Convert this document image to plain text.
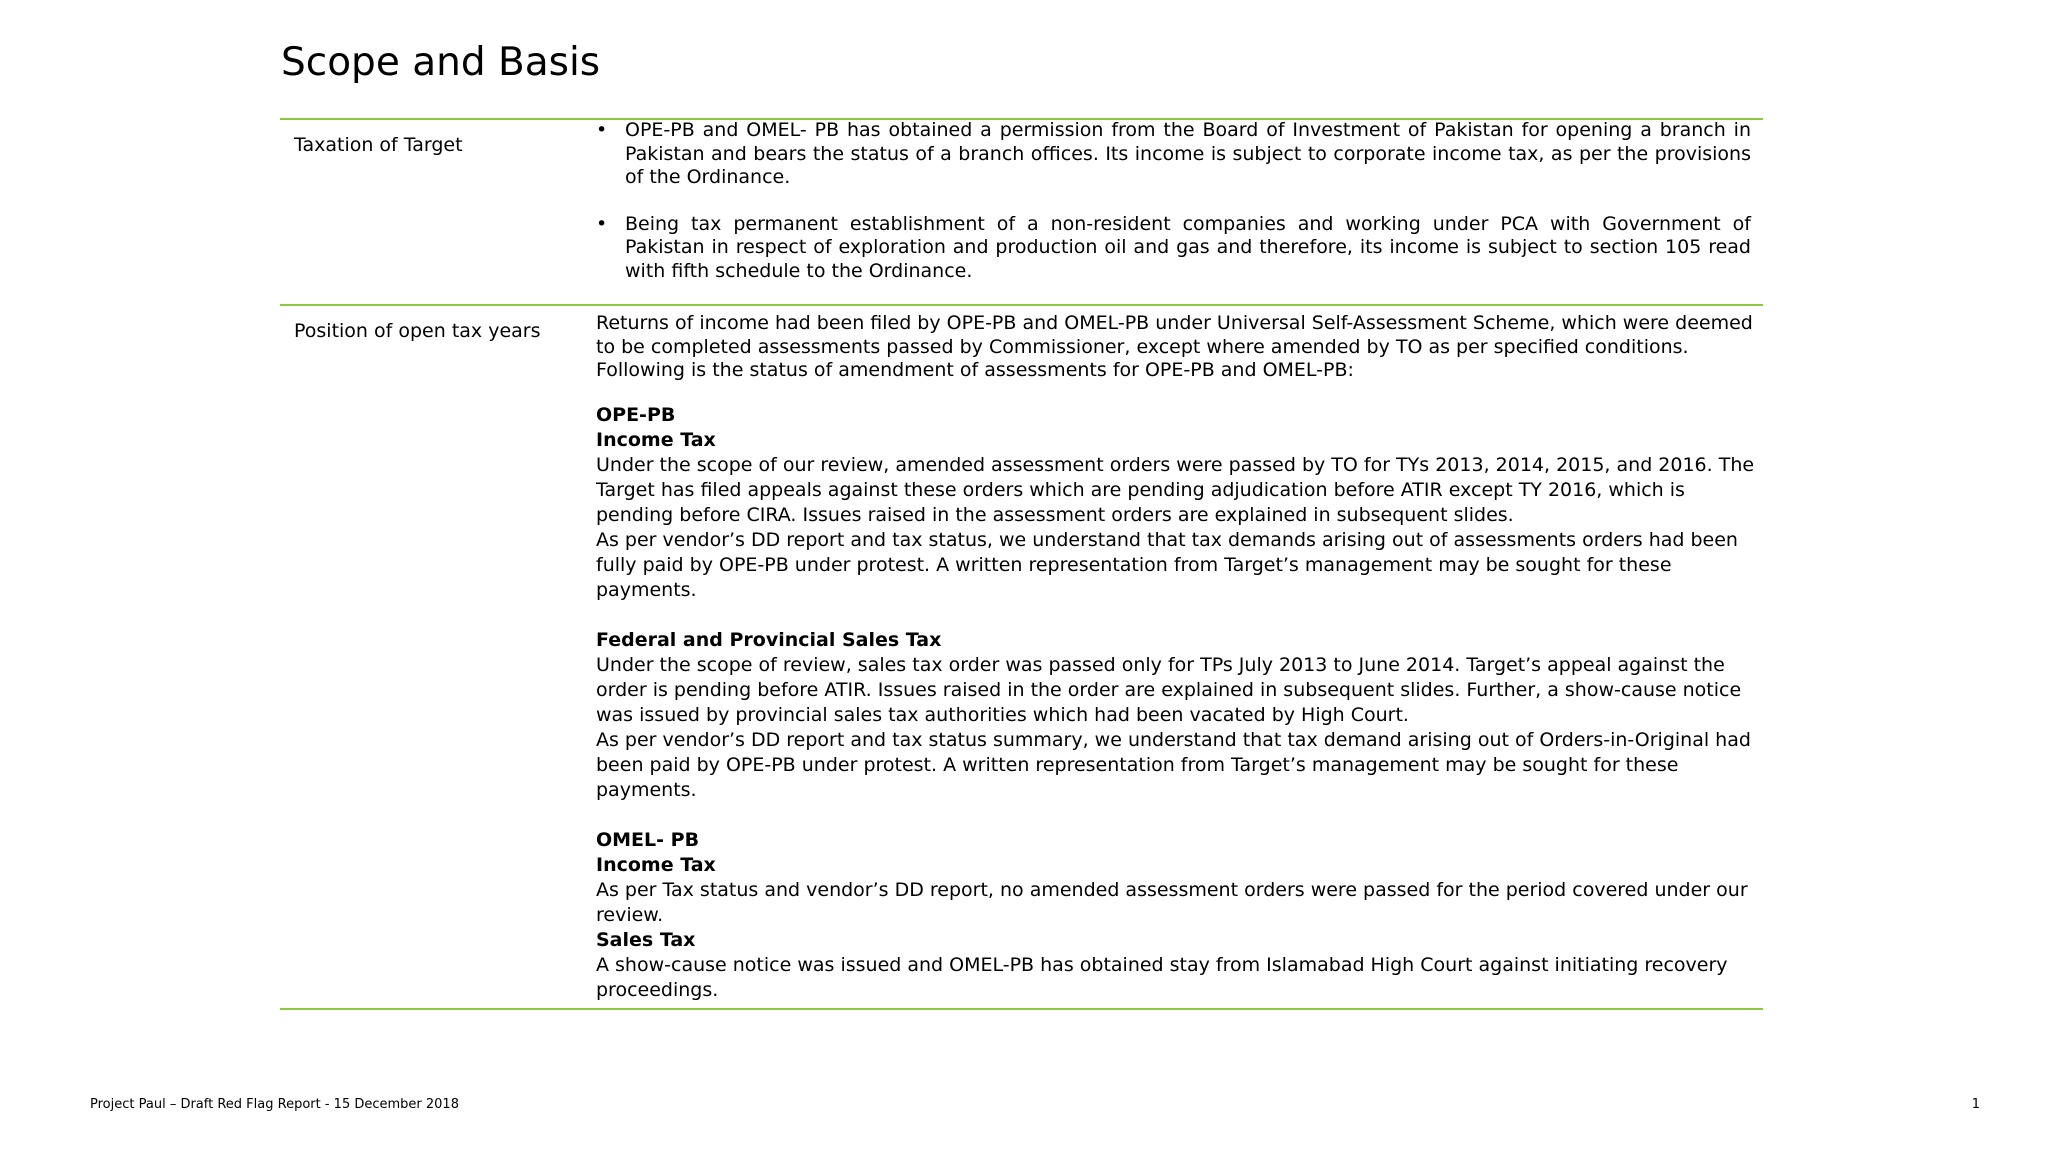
Scope and Basis
Taxation of Target
• OPE-PB and OMEL- PB has obtained a permission from the Board of Investment of Pakistan for opening a branch in Pakistan and bears the status of a branch offices. Its income is subject to corporate income tax, as per the provisions of the Ordinance.
• Being tax permanent establishment of a non-resident companies and working under PCA with Government of Pakistan in respect of exploration and production oil and gas and therefore, its income is subject to section 105 read with fifth schedule to the Ordinance.
Position of open tax years	Returns of income had been filed by OPE-PB and OMEL-PB under Universal Self-Assessment Scheme, which were deemed to be completed assessments passed by Commissioner, except where amended by TO as per specified conditions. Following is the status of amendment of assessments for OPE-PB and OMEL-PB:

OPE-PB

Income Tax

Under the scope of our review, amended assessment orders were passed by TO for TYs 2013, 2014, 2015, and 2016. The Target has filed appeals against these orders which are pending adjudication before ATIR except TY 2016, which is pending before CIRA. Issues raised in the assessment orders are explained in subsequent slides.

As per vendor’s DD report and tax status, we understand that tax demands arising out of assessments orders had been fully paid by OPE-PB under protest. A written representation from Target’s management may be sought for these payments.

Federal and Provincial Sales Tax

Under the scope of review, sales tax order was passed only for TPs July 2013 to June 2014. Target’s appeal against the order is pending before ATIR. Issues raised in the order are explained in subsequent slides. Further, a show-cause notice was issued by provincial sales tax authorities which had been vacated by High Court.

As per vendor’s DD report and tax status summary, we understand that tax demand arising out of Orders-in-Original had been paid by OPE-PB under protest. A written representation from Target’s management may be sought for these payments.

OMEL- PB

Income Tax

As per Tax status and vendor’s DD report, no amended assessment orders were passed for the period covered under our review.

Sales Tax

A show-cause notice was issued and OMEL-PB has obtained stay from Islamabad High Court against initiating recovery proceedings.

Project Paul – Draft Red Flag Report - 15 December 2018	1
